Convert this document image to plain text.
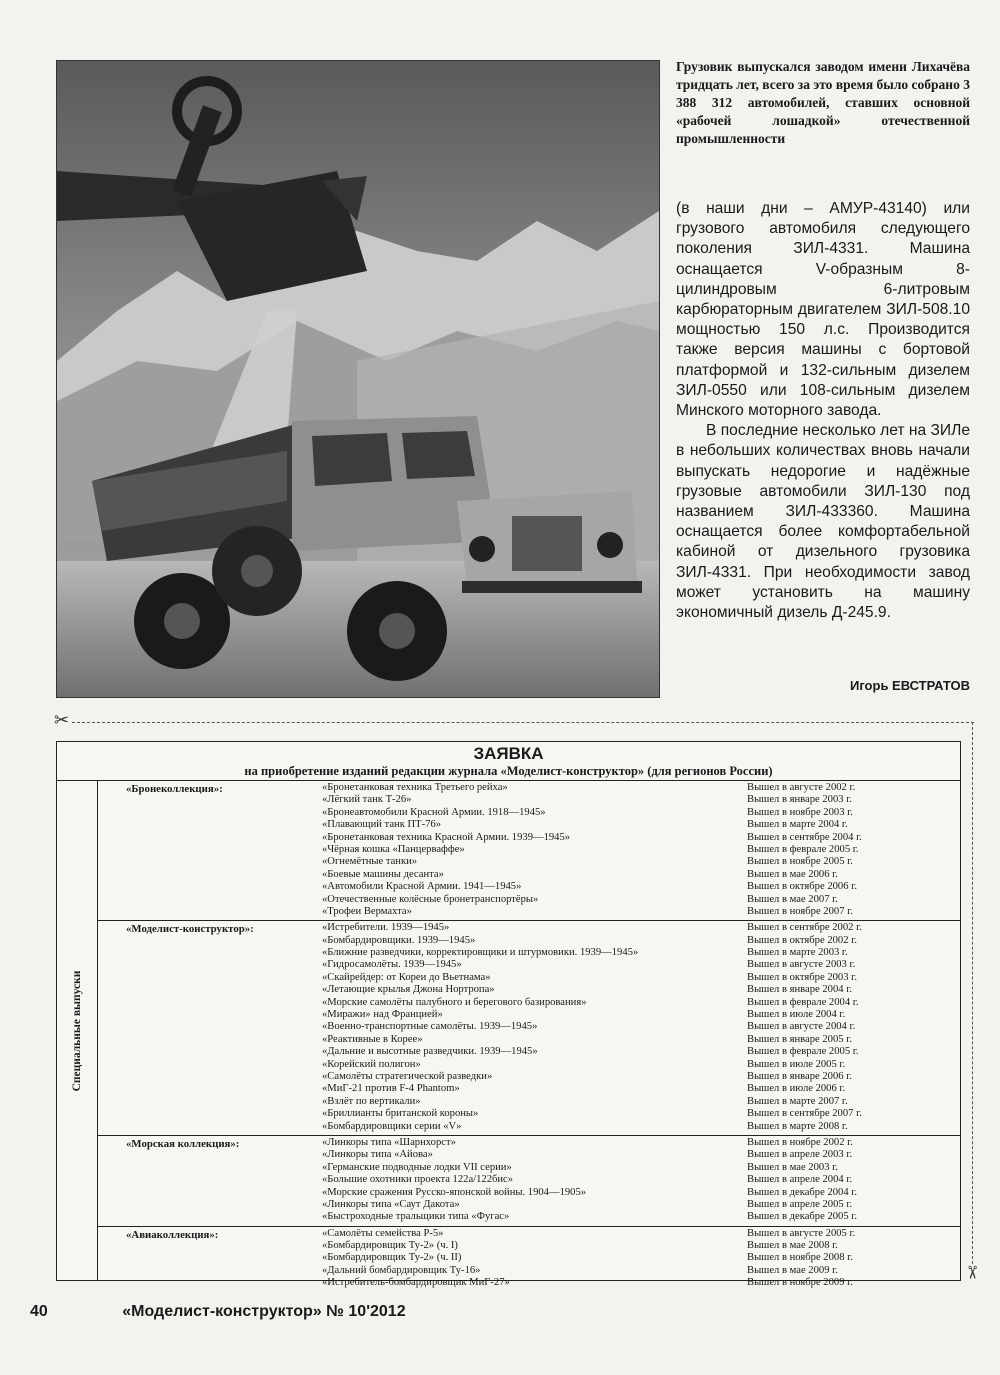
Грузовик выпускался заводом имени Лихачёва тридцать лет, всего за это время было собрано 3 388 312 автомобилей, ставших основной «рабочей лошадкой» отечественной промышленности

(в наши дни – АМУР-43140) или грузового автомобиля следующего поколения ЗИЛ-4331. Машина оснащается V-образным 8-цилиндровым 6-литровым карбюраторным двигателем ЗИЛ-508.10 мощностью 150 л.с. Производится также версия машины с бортовой платформой и 132-сильным дизелем ЗИЛ-0550 или 108-сильным дизелем Минского моторного завода.

В последние несколько лет на ЗИЛе в небольших количествах вновь начали выпускать недорогие и надёжные грузовые автомобили ЗИЛ-130 под названием ЗИЛ-433360. Машина оснащается более комфортабельной кабиной от дизельного грузовика ЗИЛ-4331. При необходимости завод может установить на машину экономичный дизель Д-245.9.

Игорь ЕВСТРАТОВ
✂
✂
ЗАЯВКА
на приобретение изданий редакции журнала «Моделист-конструктор» (для регионов России)
Специальные выпуски
«Бронеколлекция»:	«Бронетанковая техника Третьего рейха»	Вышел в августе 2002 г.
«Лёгкий танк Т-26»	Вышел в январе 2003 г.
«Бронеавтомобили Красной Армии. 1918—1945»	Вышел в ноябре 2003 г.
«Плавающий танк ПТ-76»	Вышел в марте 2004 г.
«Бронетанковая техника Красной Армии. 1939—1945»	Вышел в сентябре 2004 г.
«Чёрная кошка «Панцерваффе»	Вышел в феврале 2005 г.
«Огнемётные танки»	Вышел в ноябре 2005 г.
«Боевые машины десанта»	Вышел в мае 2006 г.
«Автомобили Красной Армии. 1941—1945»	Вышел в октябре 2006 г.
«Отечественные колёсные бронетранспортёры»	Вышел в мае 2007 г.
«Трофеи Вермахта»	Вышел в ноябре 2007 г.
«Моделист-конструктор»:	«Истребители. 1939—1945»	Вышел в сентябре 2002 г.
«Бомбардировщики. 1939—1945»	Вышел в октябре 2002 г.
«Ближние разведчики, корректировщики и штурмовики. 1939—1945»	Вышел в марте 2003 г.
«Гидросамолёты. 1939—1945»	Вышел в августе 2003 г.
«Скайрейдер: от Кореи до Вьетнама»	Вышел в октябре 2003 г.
«Летающие крылья Джона Нортропа»	Вышел в январе 2004 г.
«Морские самолёты палубного и берегового базирования»	Вышел в феврале 2004 г.
«Миражи» над Францией»	Вышел в июле 2004 г.
«Военно-транспортные самолёты. 1939—1945»	Вышел в августе 2004 г.
«Реактивные в Корее»	Вышел в январе 2005 г.
«Дальние и высотные разведчики. 1939—1945»	Вышел в феврале 2005 г.
«Корейский полигон»	Вышел в июле 2005 г.
«Самолёты стратегической разведки»	Вышел в январе 2006 г.
«МиГ-21 против F-4 Phantom»	Вышел в июле 2006 г.
«Взлёт по вертикали»	Вышел в марте 2007 г.
«Бриллианты британской короны»	Вышел в сентябре 2007 г.
«Бомбардировщики серии «V»	Вышел в марте 2008 г.
«Морская коллекция»:	«Линкоры типа «Шарнхорст»	Вышел в ноябре 2002 г.
«Линкоры типа «Айова»	Вышел в апреле 2003 г.
«Германские подводные лодки VII серии»	Вышел в мае 2003 г.
«Большие охотники проекта 122а/122бис»	Вышел в апреле 2004 г.
«Морские сражения Русско-японской войны. 1904—1905»	Вышел в декабре 2004 г.
«Линкоры типа «Саут Дакота»	Вышел в апреле 2005 г.
«Быстроходные тральщики типа «Фугас»	Вышел в декабре 2005 г.
«Авиаколлекция»:	«Самолёты семейства Р-5»	Вышел в августе 2005 г.
«Бомбардировщик Ту-2» (ч. I)	Вышел в мае 2008 г.
«Бомбардировщик Ту-2» (ч. II)	Вышел в ноябре 2008 г.
«Дальний бомбардировщик Ту-16»	Вышел в мае 2009 г.
«Истребитель-бомбардировщик МиГ-27»	Вышел в ноябре 2009 г.
40	«Моделист-конструктор» № 10'2012
